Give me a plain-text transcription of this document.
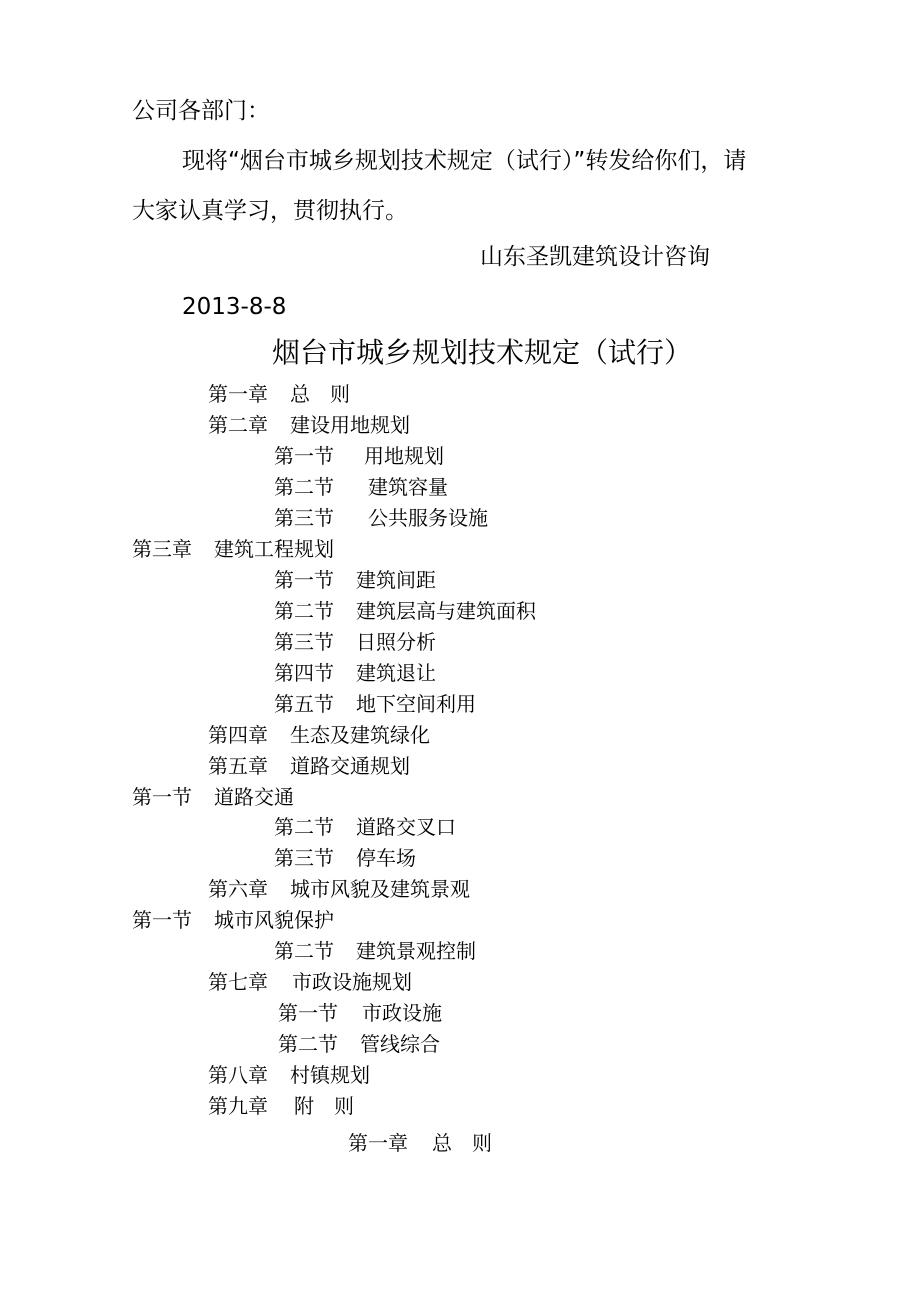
公司各部门：
现将“烟台市城乡规划技术规定（试行）”转发给你们，请
大家认真学习，贯彻执行。
山东圣凯建筑设计咨询
2013-8-8
烟台市城乡规划技术规定（试行）
第一章 总　则
第二章 建设用地规划
第一节 用地规划
第二节 建筑容量
第三节 公共服务设施
第三章 建筑工程规划
第一节 建筑间距
第二节 建筑层高与建筑面积
第三节 日照分析
第四节 建筑退让
第五节 地下空间利用
第四章 生态及建筑绿化
第五章 道路交通规划
第一节 道路交通
第二节 道路交叉口
第三节 停车场
第六章 城市风貌及建筑景观
第一节 城市风貌保护
第二节 建筑景观控制
第七章 市政设施规划
第一节 市政设施
第二节 管线综合
第八章 村镇规划
第九章 附　则
第一章 总　则
